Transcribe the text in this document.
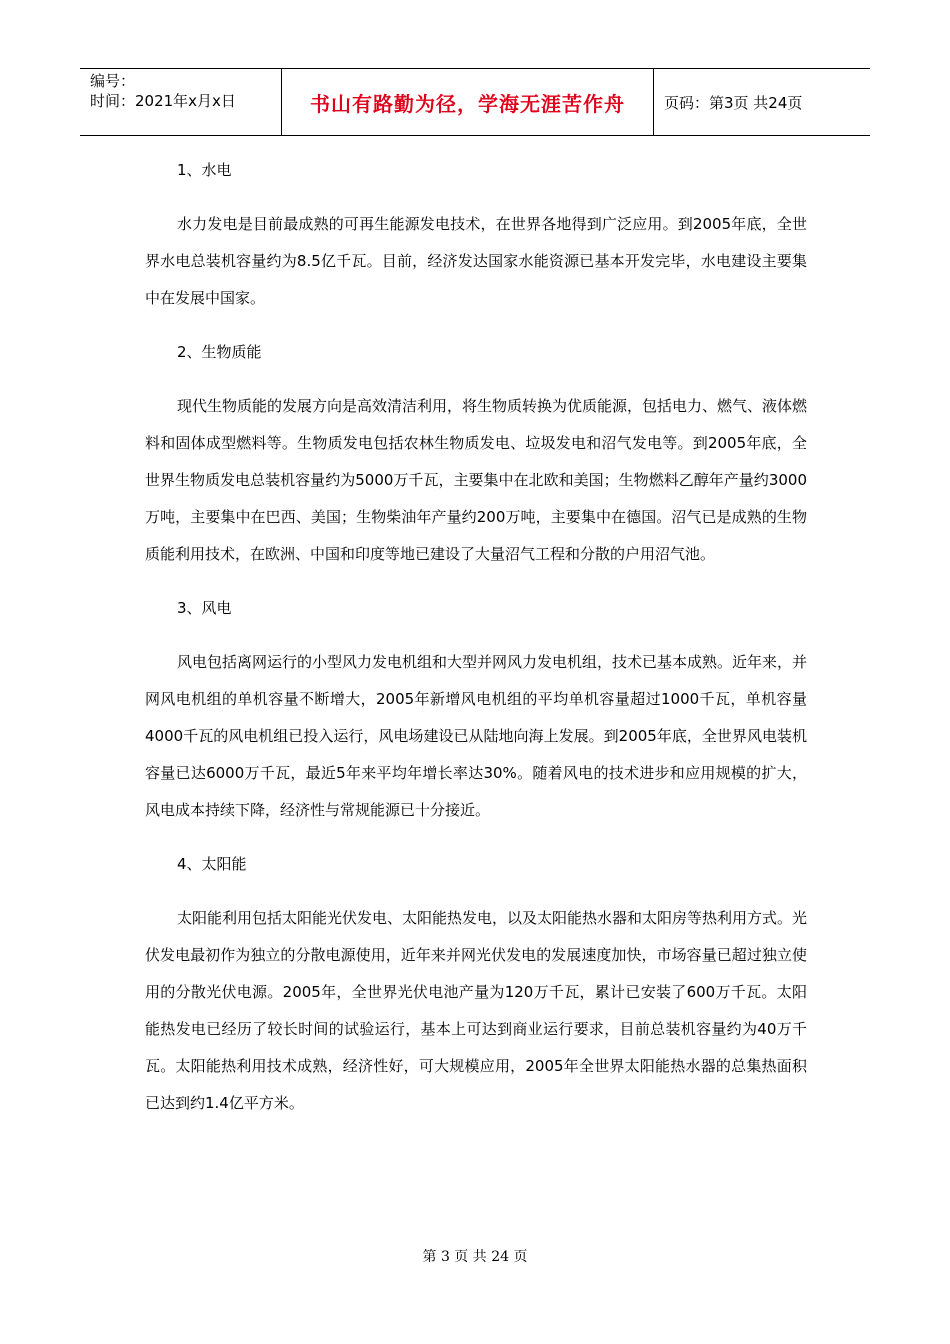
编号：
时间：2021年x月x日	书山有路勤为径，学海无涯苦作舟	页码：第3页 共24页
1、水电
水力发电是目前最成熟的可再生能源发电技术，在世界各地得到广泛应用。到2005年底，全世界水电总装机容量约为8.5亿千瓦。目前，经济发达国家水能资源已基本开发完毕，水电建设主要集中在发展中国家。
2、生物质能
现代生物质能的发展方向是高效清洁利用，将生物质转换为优质能源，包括电力、燃气、液体燃料和固体成型燃料等。生物质发电包括农林生物质发电、垃圾发电和沼气发电等。到2005年底，全世界生物质发电总装机容量约为5000万千瓦，主要集中在北欧和美国；生物燃料乙醇年产量约3000万吨，主要集中在巴西、美国；生物柴油年产量约200万吨，主要集中在德国。沼气已是成熟的生物质能利用技术，在欧洲、中国和印度等地已建设了大量沼气工程和分散的户用沼气池。
3、风电
风电包括离网运行的小型风力发电机组和大型并网风力发电机组，技术已基本成熟。近年来，并网风电机组的单机容量不断增大，2005年新增风电机组的平均单机容量超过1000千瓦，单机容量4000千瓦的风电机组已投入运行，风电场建设已从陆地向海上发展。到2005年底，全世界风电装机容量已达6000万千瓦，最近5年来平均年增长率达30%。随着风电的技术进步和应用规模的扩大，风电成本持续下降，经济性与常规能源已十分接近。
4、太阳能
太阳能利用包括太阳能光伏发电、太阳能热发电，以及太阳能热水器和太阳房等热利用方式。光伏发电最初作为独立的分散电源使用，近年来并网光伏发电的发展速度加快，市场容量已超过独立使用的分散光伏电源。2005年，全世界光伏电池产量为120万千瓦，累计已安装了600万千瓦。太阳能热发电已经历了较长时间的试验运行，基本上可达到商业运行要求，目前总装机容量约为40万千瓦。太阳能热利用技术成熟，经济性好，可大规模应用，2005年全世界太阳能热水器的总集热面积已达到约1.4亿平方米。
第 3 页 共 24 页
